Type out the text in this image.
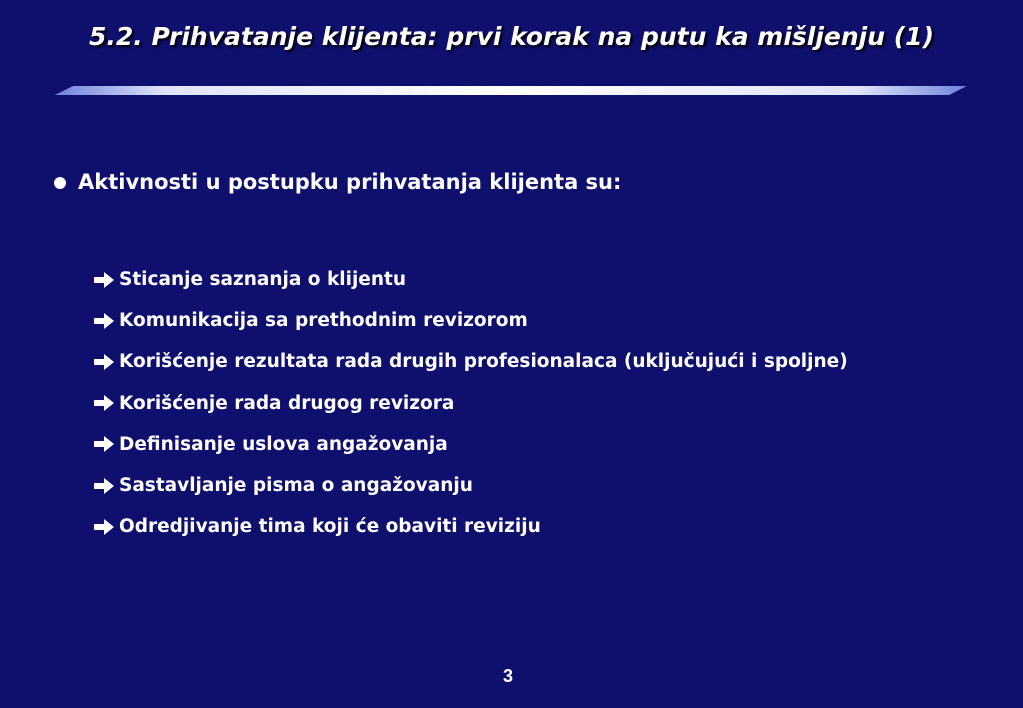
5.2. Prihvatanje klijenta: prvi korak na putu ka mišljenju (1)
Aktivnosti u postupku prihvatanja klijenta su:
Sticanje saznanja o klijentu
Komunikacija sa prethodnim revizorom
Korišćenje rezultata rada drugih profesionalaca (uključujući i spoljne)
Korišćenje rada drugog revizora
Definisanje uslova angažovanja
Sastavljanje pisma o angažovanju
Odredjivanje tima koji će obaviti reviziju
3
